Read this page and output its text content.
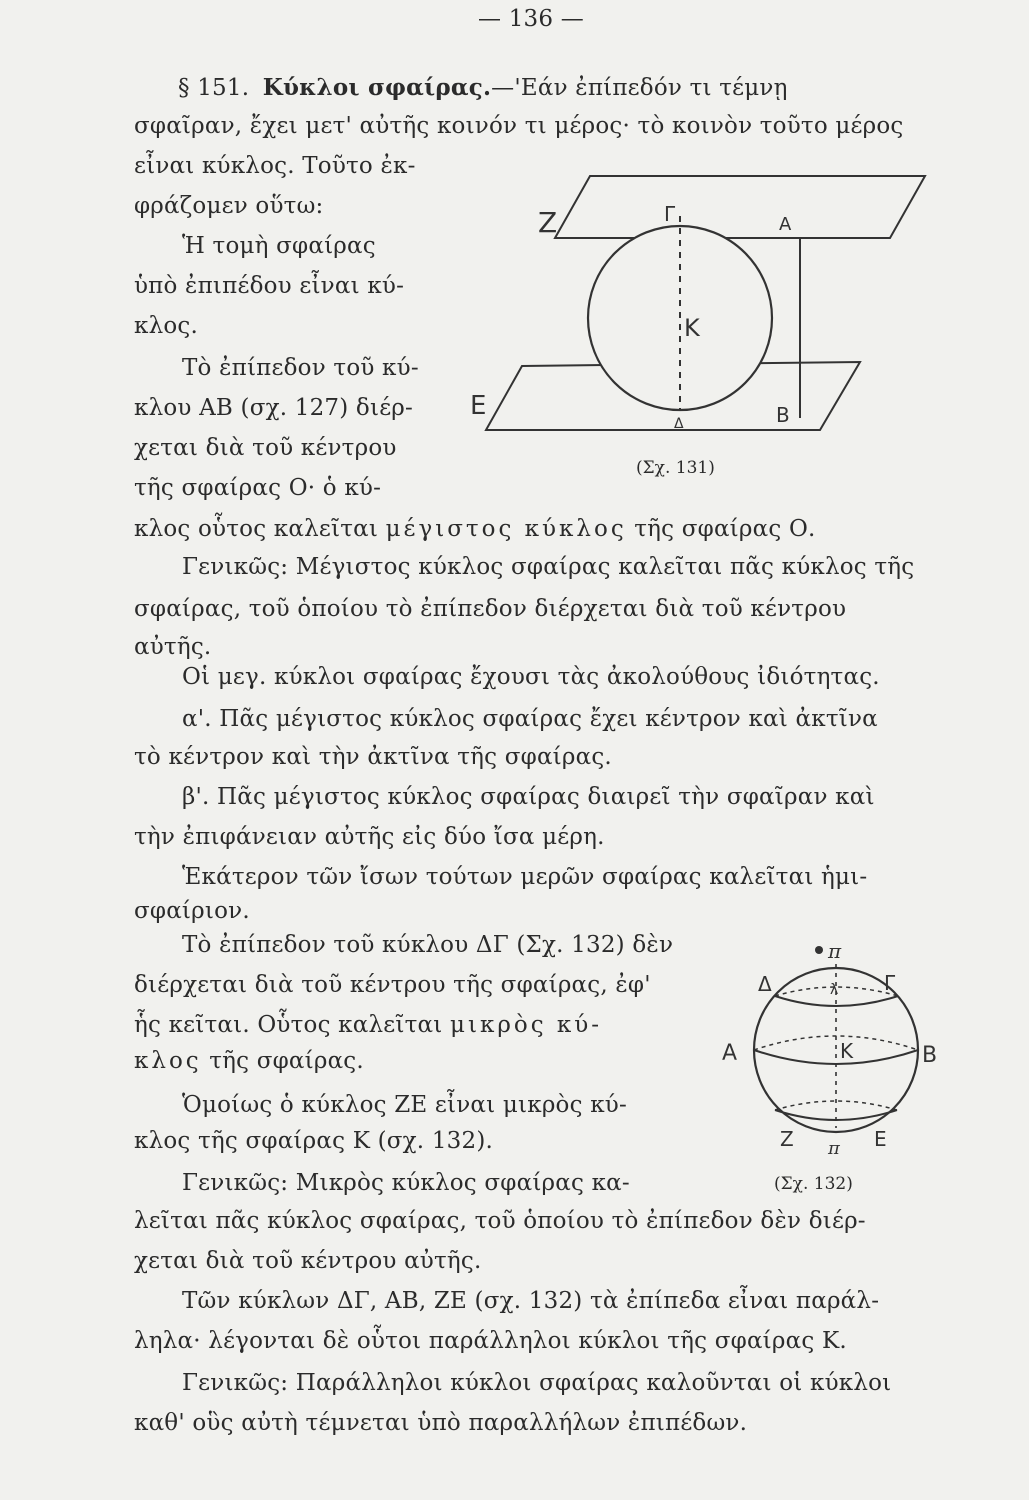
— 136 —
§ 151. Κύκλοι σφαίρας.—'Εάν ἐπίπεδόν τι τέμνῃ
σφαῖραν, ἔχει μετ' αὐτῆς κοινόν τι μέρος· τὸ κοινὸν τοῦτο μέρος
εἶναι κύκλος. Τοῦτο ἐκ-
φράζομεν οὕτω:
Ἡ τομὴ σφαίρας
ὑπὸ ἐπιπέδου εἶναι κύ-
κλος.
Τὸ ἐπίπεδον τοῦ κύ-
κλου ΑΒ (σχ. 127) διέρ-
χεται διὰ τοῦ κέντρου
τῆς σφαίρας Ο· ὁ κύ-
κλος οὗτος καλεῖται μέγιστος κύκλος τῆς σφαίρας Ο.
Γενικῶς: Μέγιστος κύκλος σφαίρας καλεῖται πᾶς κύκλος τῆς
σφαίρας, τοῦ ὁποίου τὸ ἐπίπεδον διέρχεται διὰ τοῦ κέντρου
αὐτῆς.
Οἱ μεγ. κύκλοι σφαίρας ἔχουσι τὰς ἀκολούθους ἰδιότητας.
α'. Πᾶς μέγιστος κύκλος σφαίρας ἔχει κέντρον καὶ ἀκτῖνα
τὸ κέντρον καὶ τὴν ἀκτῖνα τῆς σφαίρας.
β'. Πᾶς μέγιστος κύκλος σφαίρας διαιρεῖ τὴν σφαῖραν καὶ
τὴν ἐπιφάνειαν αὐτῆς εἰς δύο ἴσα μέρη.
Ἑκάτερον τῶν ἴσων τούτων μερῶν σφαίρας καλεῖται ἡμι-
σφαίριον.
Τὸ ἐπίπεδον τοῦ κύκλου ΔΓ (Σχ. 132) δὲν
διέρχεται διὰ τοῦ κέντρου τῆς σφαίρας, ἐφ'
ἧς κεῖται. Οὗτος καλεῖται μικρὸς κύ-
κλος τῆς σφαίρας.
Ὁμοίως ὁ κύκλος ΖΕ εἶναι μικρὸς κύ-
κλος τῆς σφαίρας Κ (σχ. 132).
Γενικῶς: Μικρὸς κύκλος σφαίρας κα-
λεῖται πᾶς κύκλος σφαίρας, τοῦ ὁποίου τὸ ἐπίπεδον δὲν διέρ-
χεται διὰ τοῦ κέντρου αὐτῆς.
Τῶν κύκλων ΔΓ, ΑΒ, ΖΕ (σχ. 132) τὰ ἐπίπεδα εἶναι παράλ-
ληλα· λέγονται δὲ οὗτοι παράλληλοι κύκλοι τῆς σφαίρας Κ.
Γενικῶς: Παράλληλοι κύκλοι σφαίρας καλοῦνται οἱ κύκλοι
καθ' οὓς αὐτὴ τέμνεται ὑπὸ παραλλήλων ἐπιπέδων.
Z	Γ	Α
K
E	B
Δ
(Σχ. 131)
π
Δ	Γ
λ
Α	K	B
Z π E
(Σχ. 132)
